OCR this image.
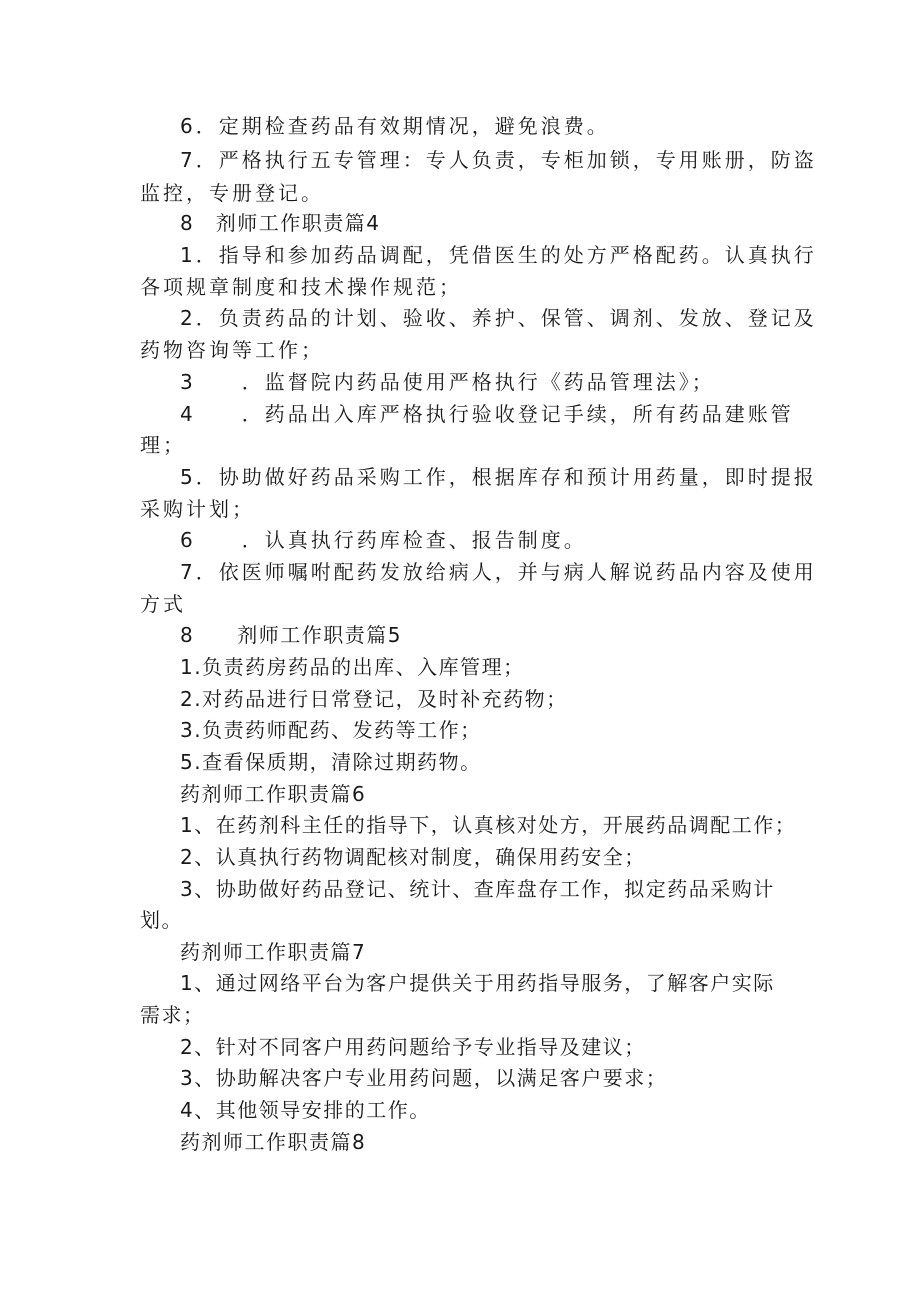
6．定期检查药品有效期情况，避免浪费。
7．严格执行五专管理：专人负责，专柜加锁，专用账册，防盗
监控，专册登记。
8　剂师工作职责篇4
1．指导和参加药品调配，凭借医生的处方严格配药。认真执行
各项规章制度和技术操作规范；
2．负责药品的计划、验收、养护、保管、调剂、发放、登记及
药物咨询等工作；
3　　．监督院内药品使用严格执行《药品管理法》；
4　　．药品出入库严格执行验收登记手续，所有药品建账管
理；
5．协助做好药品采购工作，根据库存和预计用药量，即时提报
采购计划；
6　　．认真执行药库检查、报告制度。
7．依医师嘱咐配药发放给病人，并与病人解说药品内容及使用
方式
8　　剂师工作职责篇5
1.负责药房药品的出库、入库管理；
2.对药品进行日常登记，及时补充药物；
3.负责药师配药、发药等工作；
5.查看保质期，清除过期药物。
药剂师工作职责篇6
1、在药剂科主任的指导下，认真核对处方，开展药品调配工作；
2、认真执行药物调配核对制度，确保用药安全；
3、协助做好药品登记、统计、查库盘存工作，拟定药品采购计
划。
药剂师工作职责篇7
1、通过网络平台为客户提供关于用药指导服务，了解客户实际
需求；
2、针对不同客户用药问题给予专业指导及建议；
3、协助解决客户专业用药问题，以满足客户要求；
4、其他领导安排的工作。
药剂师工作职责篇8
